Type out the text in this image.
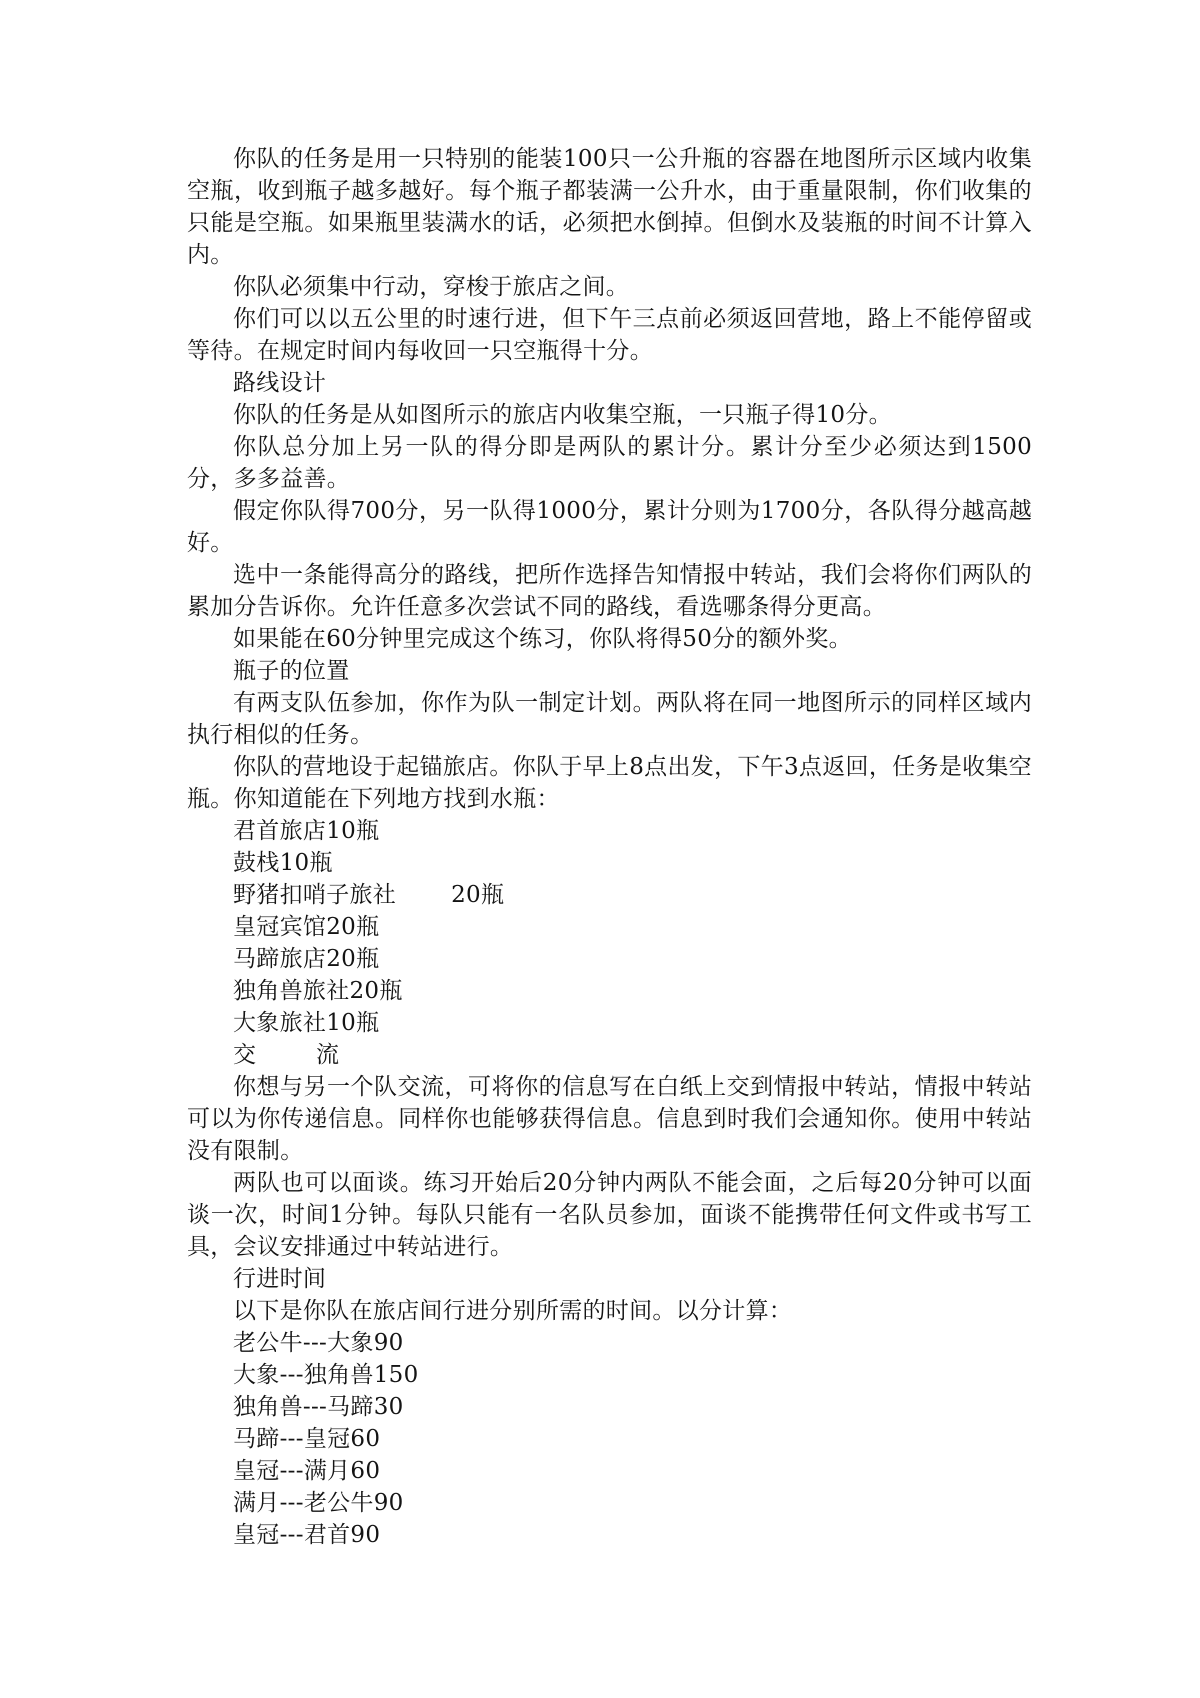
你队的任务是用一只特别的能装100只一公升瓶的容器在地图所示区域内收集空瓶，收到瓶子越多越好。每个瓶子都装满一公升水，由于重量限制，你们收集的只能是空瓶。如果瓶里装满水的话，必须把水倒掉。但倒水及装瓶的时间不计算入内。

你队必须集中行动，穿梭于旅店之间。

你们可以以五公里的时速行进，但下午三点前必须返回营地，路上不能停留或等待。在规定时间内每收回一只空瓶得十分。

路线设计

你队的任务是从如图所示的旅店内收集空瓶，一只瓶子得10分。

你队总分加上另一队的得分即是两队的累计分。累计分至少必须达到1500分，多多益善。

假定你队得700分，另一队得1000分，累计分则为1700分，各队得分越高越好。

选中一条能得高分的路线，把所作选择告知情报中转站，我们会将你们两队的累加分告诉你。允许任意多次尝试不同的路线，看选哪条得分更高。

如果能在60分钟里完成这个练习，你队将得50分的额外奖。

瓶子的位置

有两支队伍参加，你作为队一制定计划。两队将在同一地图所示的同样区域内执行相似的任务。

你队的营地设于起锚旅店。你队于早上8点出发，下午3点返回，任务是收集空瓶。你知道能在下列地方找到水瓶：

君首旅店10瓶

鼓栈10瓶

野猪扣哨子旅社 20瓶

皇冠宾馆20瓶

马蹄旅店20瓶

独角兽旅社20瓶

大象旅社10瓶

交	流

你想与另一个队交流，可将你的信息写在白纸上交到情报中转站，情报中转站可以为你传递信息。同样你也能够获得信息。信息到时我们会通知你。使用中转站没有限制。

两队也可以面谈。练习开始后20分钟内两队不能会面，之后每20分钟可以面谈一次，时间1分钟。每队只能有一名队员参加，面谈不能携带任何文件或书写工具，会议安排通过中转站进行。

行进时间

以下是你队在旅店间行进分别所需的时间。以分计算：

老公牛---大象90

大象---独角兽150

独角兽---马蹄30

马蹄---皇冠60

皇冠---满月60

满月---老公牛90

皇冠---君首90
